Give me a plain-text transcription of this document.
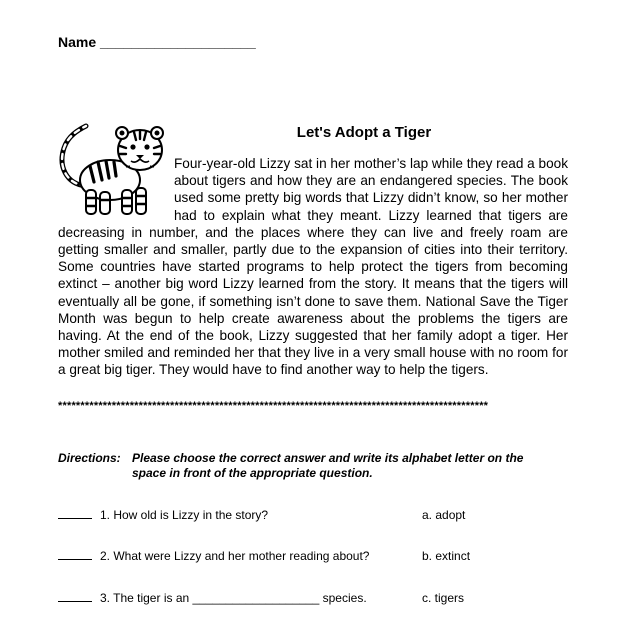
Name ____________________
Let's Adopt a Tiger
Four-year-old Lizzy sat in her mother’s lap while they read a book about tigers and how they are an endangered species. The book used some pretty big words that Lizzy didn’t know, so her mother had to explain what they meant. Lizzy learned that tigers are decreasing in number, and the places where they can live and freely roam are getting smaller and smaller, partly due to the expansion of cities into their territory. Some countries have started programs to help protect the tigers from becoming extinct – another big word Lizzy learned from the story. It means that the tigers will eventually all be gone, if something isn’t done to save them. National Save the Tiger Month was begun to help create awareness about the problems the tigers are having. At the end of the book, Lizzy suggested that her family adopt a tiger. Her mother smiled and reminded her that they live in a very small house with no room for a great big tiger. They would have to find another way to help the tigers.
************************************************************************************************
Directions: Please choose the correct answer and write its alphabet letter on the
space in front of the appropriate question.
1. How old is Lizzy in the story?	a. adopt
2. What were Lizzy and her mother reading about?	b. extinct
3. The tiger is an ___________________ species.	c. tigers
